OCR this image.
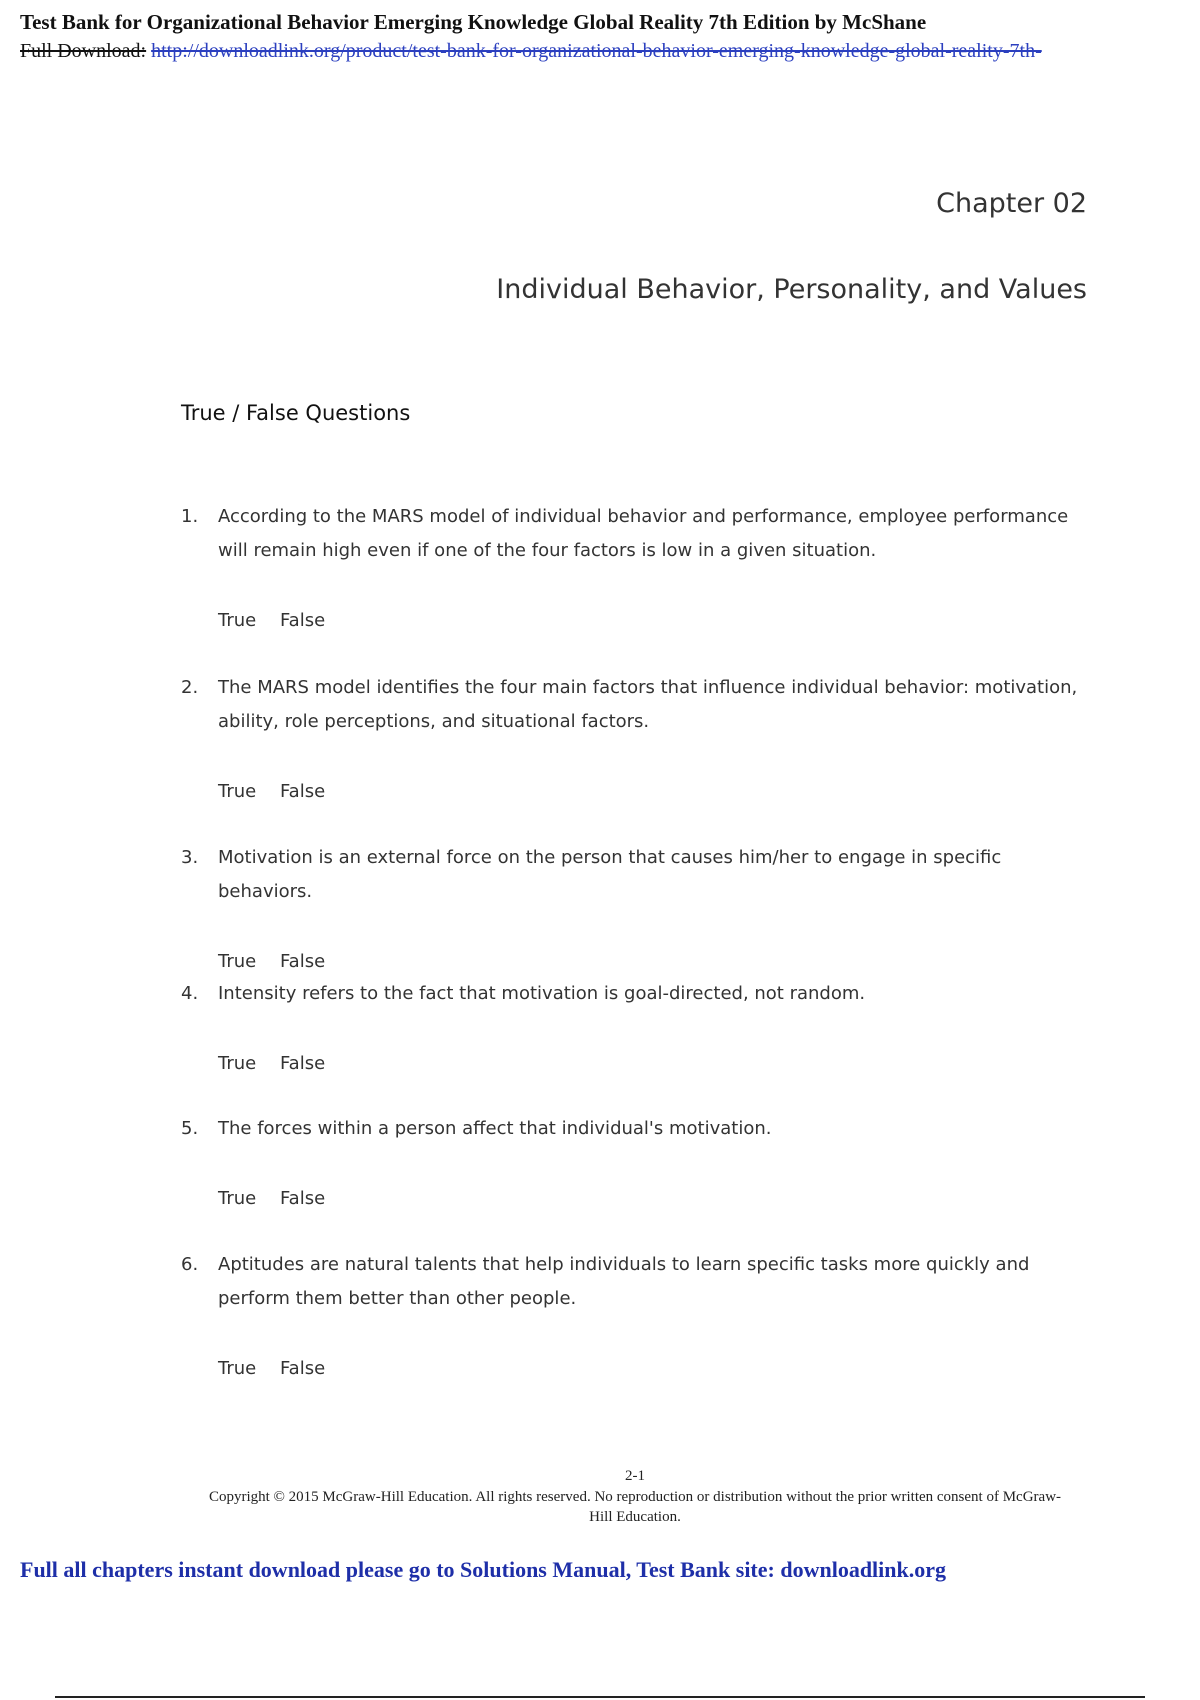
Test Bank for Organizational Behavior Emerging Knowledge Global Reality 7th Edition by McShane
Full Download: http://downloadlink.org/product/test-bank-for-organizational-behavior-emerging-knowledge-global-reality-7th-
Chapter 02
Individual Behavior, Personality, and Values
True / False Questions
1. According to the MARS model of individual behavior and performance, employee performance will remain high even if one of the four factors is low in a given situation.
True False
2. The MARS model identifies the four main factors that influence individual behavior: motivation, ability, role perceptions, and situational factors.
True False
3. Motivation is an external force on the person that causes him/her to engage in specific behaviors.
True False
4. Intensity refers to the fact that motivation is goal-directed, not random.
True False
5. The forces within a person affect that individual's motivation.
True False
6. Aptitudes are natural talents that help individuals to learn specific tasks more quickly and perform them better than other people.
True False
2-1
Copyright © 2015 McGraw-Hill Education. All rights reserved. No reproduction or distribution without the prior written consent of McGraw-Hill Education.
Full all chapters instant download please go to Solutions Manual, Test Bank site: downloadlink.org
